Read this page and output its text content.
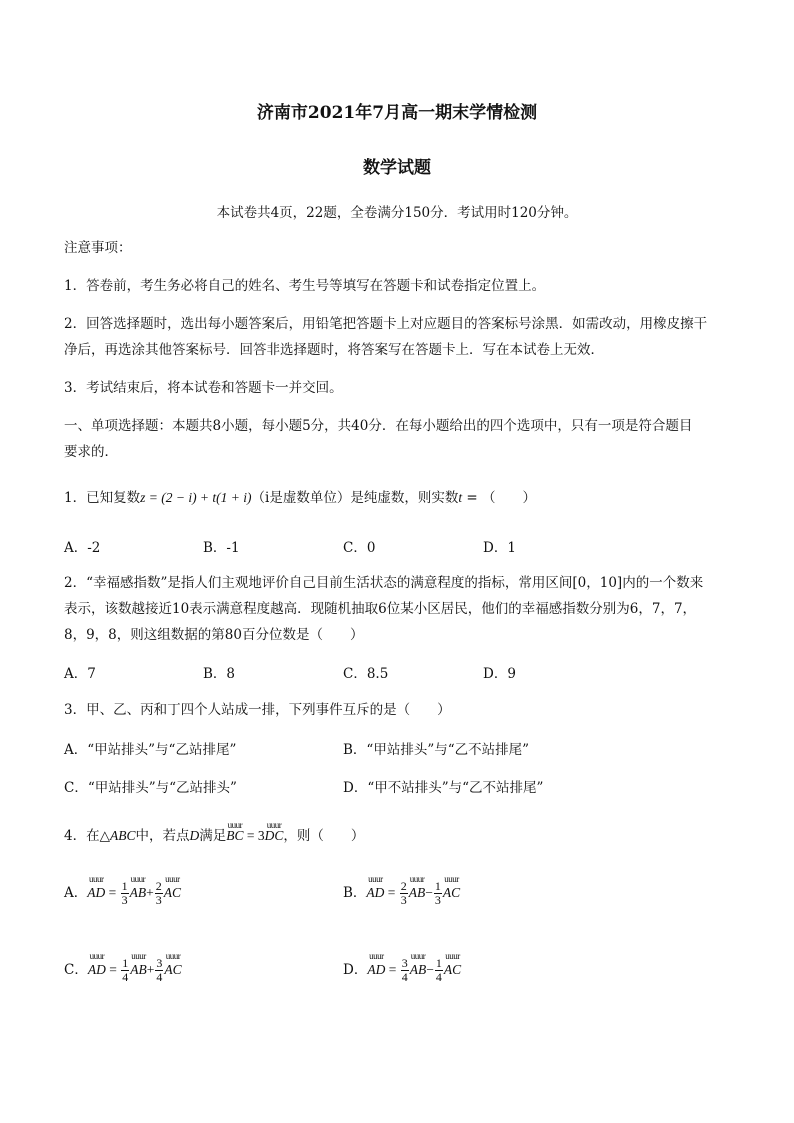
济南市2021年7月高一期末学情检测
数学试题
本试卷共4页，22题，全卷满分150分．考试用时120分钟。
注意事项：
1．答卷前，考生务必将自己的姓名、考生号等填写在答题卡和试卷指定位置上。
2．回答选择题时，选出每小题答案后，用铅笔把答题卡上对应题目的答案标号涂黑．如需改动，用橡皮擦干
净后，再选涂其他答案标号．回答非选择题时，将答案写在答题卡上．写在本试卷上无效．
3．考试结束后，将本试卷和答题卡一并交回。
一、单项选择题：本题共8小题，每小题5分，共40分．在每小题给出的四个选项中，只有一项是符合题目
要求的．
1．已知复数z = (2 − i) + t(1 + i)（i是虚数单位）是纯虚数，则实数t = （　　）
A．-2	B．-1	C．0	D．1
2．“幸福感指数”是指人们主观地评价自己目前生活状态的满意程度的指标，常用区间[0，10]内的一个数来
表示，该数越接近10表示满意程度越高．现随机抽取6位某小区居民，他们的幸福感指数分别为6，7，7，
8，9，8，则这组数据的第80百分位数是（　　）
A．7	B．8	C．8.5	D．9
3．甲、乙、丙和丁四个人站成一排，下列事件互斥的是（　　）
A．“甲站排头”与“乙站排尾”	B．“甲站排头”与“乙不站排尾”
C．“甲站排头”与“乙站排头”	D．“甲不站排头”与“乙不站排尾”
4．在△ABC中，若点D满足uuur BC = 3uuur DC，则（　　）
A．uuur AD = $\frac{1}{3}$ uuur $AB+ \frac{2}{3}$ uuur AC	B．uuur AD = $\frac{2}{3}$ uuur $AB- \frac{1}{3}$ uuur AC
C．uuur AD = $\frac{1}{4}$ uuur $AB+ \frac{3}{4}$ uuur AC	D．uuur AD = $\frac{3}{4}$ uuur $AB- \frac{1}{4}$ uuur AC
